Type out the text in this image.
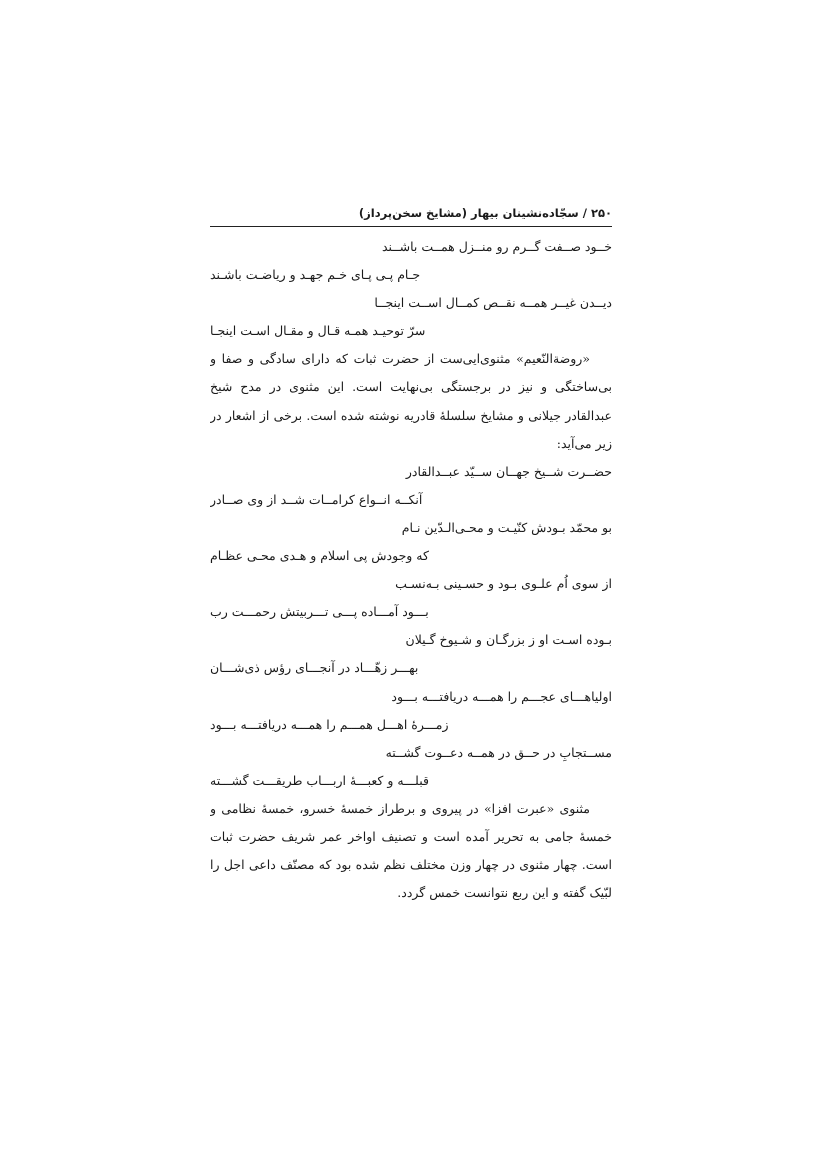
۲۵۰ / سجّاده‌نشینان بیهار (مشایخ سخن‌پرداز)
خــود صــفت گــرم رو منــزل همــت باشــند
جـام پـی پـای خـم جهـد و ریاضـت باشـند
دیــدن غیــر همــه نقــص کمــال اســت اینجــا
سرّ توحیـد همـه قـال و مقـال اسـت اینجـا
«روضةالنّعیم» مثنوی‌ایی‌ست از حضرت ثبات که دارای سادگی و صفا و
بی‌ساختگی و نیز در برجستگی بی‌نهایت است. این مثنوی در مدح شیخ
عبدالقادر جیلانی و مشایخ سلسلهٔ قادریه نوشته شده است. برخی از اشعار در
زیر می‌آید:
حضــرت شــیخ جهــان ســیّد عبــدالقادر
آنکــه انــواع کرامــات شــد از وی صــادر
بو محمّد بـودش کنّیـت و محـی‌الـدّین نـام
که وجودش پی اسلام و هـدی محـی عظـام
از سوی اُم علـوی بـود و حسـینی بـه‌نسـب
بـــود آمـــاده پـــی تـــربیتش رحمـــت رب
بـوده اسـت او ز بزرگـان و شـیوخ گـیلان
بهـــر زهّـــاد در آنجـــای رؤس ذی‌شـــان
اولیاهـــای عجـــم را همـــه دریافتـــه بـــود
زمـــرهٔ اهـــل همـــم را همـــه دریافتـــه بـــود
مســتجابِ در حــق در همــه دعــوت گشــته
قبلـــه و کعبـــهٔ اربـــاب طریقـــت گشـــته
مثنوی «عبرت افزا» در پیروی و برطراز خمسهٔ خسرو، خمسهٔ نظامی و
خمسهٔ جامی به تحریر آمده است و تصنیف اواخر عمر شریف حضرت ثبات
است. چهار مثنوی در چهار وزن مختلف نظم شده بود که مصنّف داعی اجل را
لبّیک گفته و این ربع نتوانست خمس گردد.
